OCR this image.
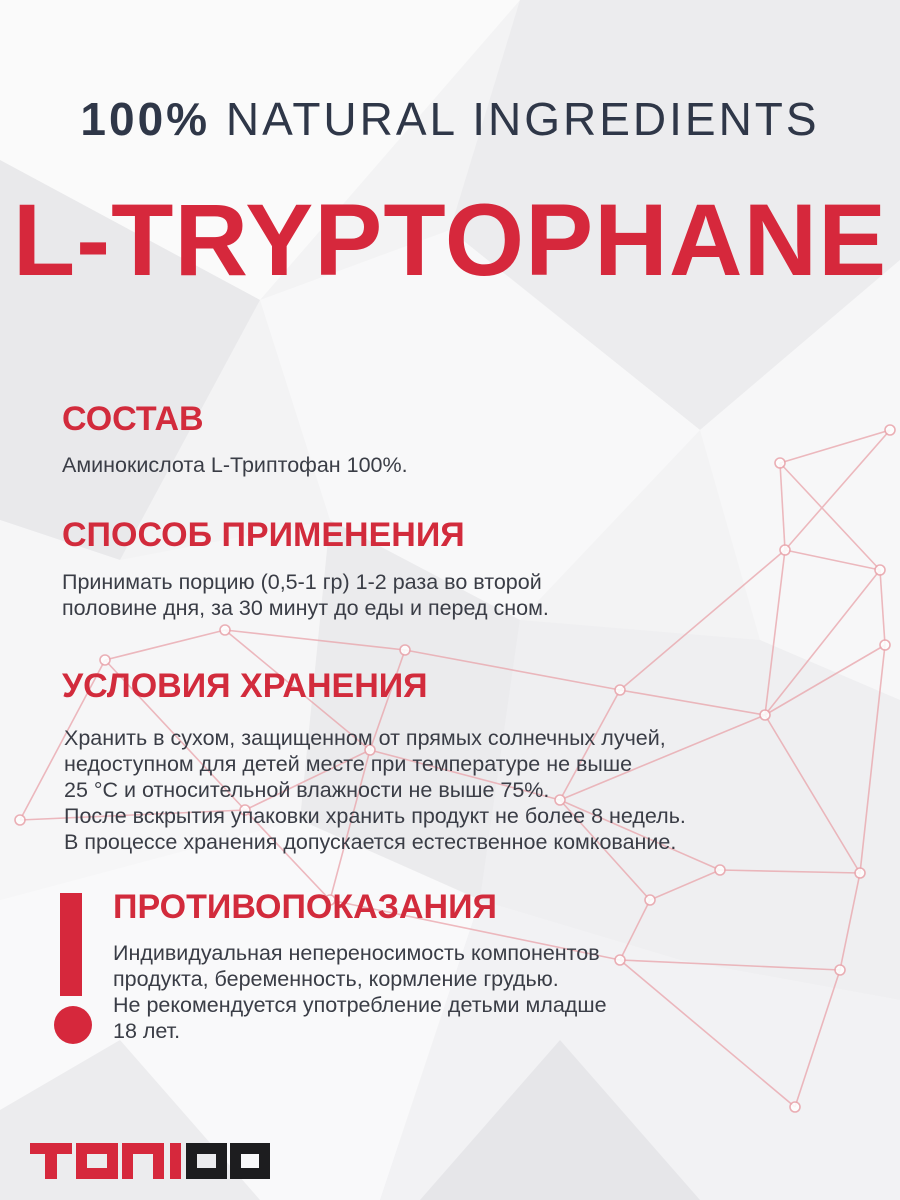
100% NATURAL INGREDIENTS
L-TRYPTOPHANE
СОСТАВ
Аминокислота L-Триптофан 100%.
СПОСОБ ПРИМЕНЕНИЯ
Принимать порцию (0,5-1 гр) 1-2 раза во второй
половине дня, за 30 минут до еды и перед сном.
УСЛОВИЯ ХРАНЕНИЯ
Хранить в сухом, защищенном от прямых солнечных лучей,
недоступном для детей месте при температуре не выше
25 °С и относительной влажности не выше 75%.
После вскрытия упаковки хранить продукт не более 8 недель.
В процессе хранения допускается естественное комкование.
ПРОТИВОПОКАЗАНИЯ
Индивидуальная непереносимость компонентов
продукта, беременность, кормление грудью.
Не рекомендуется употребление детьми младше
18 лет.
ТОП100
